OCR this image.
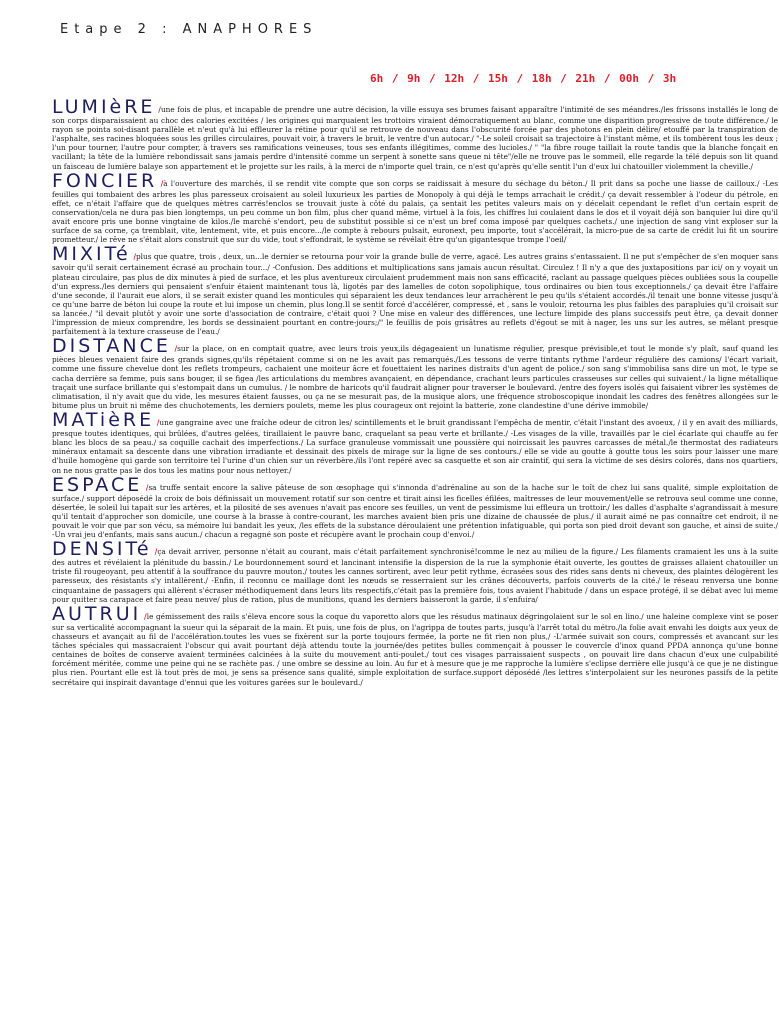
Etape 2 : ANAPHORES
6h / 9h / 12h / 15h / 18h / 21h / 00h / 3h

LUMIèRE /une fois de plus, et incapable de prendre une autre décision, la ville essuya ses brumes faisant apparaître l'intimité de ses méandres./les frissons installés le long de son corps disparaissaient au choc des calories excitées / les origines qui marquaient les trottoirs viraient démocratiquement au blanc, comme une disparition progressive de toute différence./ le rayon se pointa soi-disant parallèle et n'eut qu'à lui effleurer la rétine pour qu'il se retrouve de nouveau dans l'obscurité forcée par des photons en plein délire/ etouffé par la transpiration de l'asphalte, ses racines bloquées sous les grilles circulaires, pouvait voir, à travers le bruit, le ventre d'un autocar./ "-Le soleil croisait sa trajectoire à l'instant même, et ils tombèrent tous les deux ; l'un pour tourner, l'autre pour compter, à travers ses ramifications veineuses, tous ses enfants illégitimes, comme des lucioles./ " "la fibre rouge taillait la route tandis que la blanche fonçait en vacillant; la tête de la lumière rebondissait sans jamais perdre d'intensité comme un serpent à sonette sans queue ni tête"/elle ne trouve pas le sommeil, elle regarde la télé depuis son lit quand un faisceau de lumière balaye son appartement et le projette sur les rails, à la merci de n'importe quel train, ce n'est qu'après qu'elle sentit l'un d'eux lui chatouiller violemment la cheville./

FONCIER /à l'ouverture des marchés, il se rendit vite compte que son corps se raidissait à mesure du séchage du béton./ Il prit dans sa poche une liasse de cailloux./ -Les feuilles qui tombaient des arbres les plus paresseux croisaient au soleil luxurieux les parties de Monopoly à qui déjà le temps arrachait le crédit./ ça devait ressembler à l'odeur du pétrole, en effet, ce n'était l'affaire que de quelques mètres carrés!enclos se trouvait juste à côté du palais, ça sentait les petites valeurs mais on y décelait cependant le reflet d'un certain esprit de conservation/cela ne dura pas bien longtemps, un peu comme un bon film, plus cher quand même, virtuel à la fois, les chiffres lui coulaient dans le dos et il voyait déjà son banquier lui dire qu'il avait encore pris une bonne vingtaine de kilos./le marché s'endort, peu de substitut possible si ce n'est un bref coma imposé par quelques cachets./ une injection de sang vint exploser sur la surface de sa corne, ça tremblait, vite, lentement, vite, et puis encore.../le compte à rebours pulsait, euronext, peu importe, tout s'accélérait, la micro-pue de sa carte de crédit lui fit un sourire prometteur./ le rêve ne s'était alors construit que sur du vide, tout s'effondrait, le système se révélait être qu'un gigantesque trompe l'oeil/

MIXITé /plus que quatre, trois , deux, un...le dernier se retourna pour voir la grande bulle de verre, agacé. Les autres grains s'entassaient. Il ne put s'empêcher de s'en moquer sans savoir qu'il serait certainement écrasé au prochain tour.../ -Confusion. Des additions et multiplications sans jamais aucun résultat. Circulez ! Il n'y a que des juxtapositions par ici/ on y voyait un plateau circulaire, pas plus de dix minutes à pied de surface, et les plus aventureux circulaient prudemment mais non sans efficacité, raclant au passage quelques pièces oubliées sous la coupelle d'un express./les derniers qui pensaient s'enfuir étaient maintenant tous là, ligotés par des lamelles de coton sopoliphique, tous ordinaires ou bien tous exceptionnels./ ça devait être l'affaire d'une seconde, il l'aurait eue alors, il se serait exister quand les monticules qui séparaient les deux tendances leur arrachèrent le peu qu'ils s'étaient accordés./il tenait une bonne vitesse jusqu'à ce qu'une barre de béton lui coupe la route et lui impose un chemin, plus long.Il se sentit forcé d'accélérer, compressé, et , sans le vouloir, retourna les plus faibles des parapluies qu'il croisait sur sa lancée./ "il devait plutôt y avoir une sorte d'association de contraire, c'était quoi ? Une mise en valeur des différences, une lecture limpide des plans successifs peut être, ça devait donner l'impression de mieux comprendre, les bords se dessinaient pourtant en contre-jours;/" le feuillis de pois grisâtres au reflets d'égout se mit à nager, les uns sur les autres, se mêlant presque parfaitement à la texture crasseuse de l'eau./

DISTANCE /sur la place, on en comptait quatre, avec leurs trois yeux,ils dégageaient un lunatisme régulier, presque prévisible,et tout le monde s'y plaît, sauf quand les pièces bleues venaient faire des grands signes,qu'ils répétaient comme si on ne les avait pas remarqués./Les tessons de verre tintants rythme l'ardeur régulière des camions/ l'écart variait, comme une fissure chevelue dont les reflets trompeurs, cachaient une moiteur âcre et fouettaient les narines distraits d'un agent de police./ son sang s'immobilisa sans dire un mot, le type se cacha derrière sa femme, puis sans bouger, il se figea /les articulations du membres avançaient, en dépendance, crachant leurs particules crasseuses sur celles qui suivaient./ la ligne métallique traçait une surface brillante qui s'estompait dans un cumulus. / le nombre de haricots qu'il faudrait aligner pour traverser le boulevard. /entre des foyers isolés qui faisaient vibrer les systèmes de climatisation, il n'y avait que du vide, les mesures étaient fausses, ou ça ne se mesurait pas, de la musique alors, une fréquence stroboscopique inondait les cadres des fenêtres allongées sur le bitume plus un bruit ni même des chuchotements, les derniers poulets, meme les plus courageux ont rejoint la batterie, zone clandestine d'une dérive immobile/

MATièRE /une gangraine avec une fraîche odeur de citron les/ scintillements et le bruit grandissant l'empêcha de mentir, c'était l'instant des avoeux, / il y en avait des milliards, presque toutes identiques, qui brûlées, d'autres gelées, tiraillaient le pauvre banc, craquelant sa peau verte et brillante./ -Les visages de la ville, travaillés par le ciel écarlate qui chauffe au fer blanc les blocs de sa peau./ sa coquille cachait des imperfections./ La surface granuleuse vommissait une poussière qui noircissait les pauvres carcasses de métal./le thermostat des radiateurs minéraux entamait sa descente dans une vibration irradiante et dessinait des pixels de mirage sur la ligne de ses contours./ elle se vide au goutte à goutte tous les soirs pour laisser une mare d'huile homogène qui garde son territoire tel l'urine d'un chien sur un réverbère./ils l'ont repéré avec sa casquette et son air craintif, qui sera la victime de ses désirs colorés, dans nos quartiers, on ne nous gratte pas le dos tous les matins pour nous nettoyer./

ESPACE /sa truffe sentait encore la salive pâteuse de son œsophage qui s'innonda d'adrénaline au son de la hache sur le toît de chez lui sans qualité, simple exploitation de surface./ support déposédé la croix de bois définissait un mouvement rotatif sur son centre et tirait ainsi les ficelles éfilées, maîtresses de leur mouvement/elle se retrouva seul comme une conne, désertée, le soleil lui tapait sur les artères, et la pilosité de ses avenues n'avait pas encore ses feuilles, un vent de pessimisme lui effleura un trottoir./ les dalles d'asphalte s'agrandissait à mesure qu'il tentait d'approcher son domicile, une course à la brasse à contre-courant, les marches avaient bien pris une dizaine de chaussée de plus./ il aurait aimé ne pas connaître cet endroit, il ne pouvait le voir que par son vécu, sa mémoire lui bandait les yeux, /les effets de la substance déroulaient une prétention infatiguable, qui porta son pied droit devant son gauche, et ainsi de suite./ -Un vrai jeu d'enfants, mais sans aucun./ chacun a regagné son poste et récupère avant le prochain coup d'envoi./

DENSITé /ça devait arriver, personne n'était au courant, mais c'était parfaitement synchronisé!comme le nez au milieu de la figure./ Les filaments cramaient les uns à la suite des autres et révélaient la plénitude du bassin./ Le bourdonnement sourd et lancinant intensifie la dispersion de la rue la symphonie était ouverte, les gouttes de graisses allaient chatouiller un triste fil rougeoyant, peu attentif à la souffrance du pauvre mouton./ toutes les cannes sortirent, avec leur petit rythme, écrasées sous des rides sans dents ni cheveux, des plaintes délogèrent les paresseux, des résistants s'y intallèrent./ -Enfin, il reconnu ce maillage dont les nœuds se resserraient sur les crânes découverts, parfois couverts de la cité./ le réseau renversa une bonne cinquantaine de passagers qui allèrent s'écraser méthodiquement dans leurs lits respectifs,c'était pas la première fois, tous avaient l'habitude / dans un espace protégé, il se débat avec lui meme pour quitter sa carapace et faire peau neuve/ plus de ration, plus de munitions, quand les derniers baisseront la garde, il s'enfuira/

AUTRUI /le gémissement des rails s'éleva encore sous la coque du vaporetto alors que les résudus matinaux dégringolaient sur le sol en lino./ une haleine complexe vint se poser sur sa verticalité accompagnant la sueur qui la séparait de la main. Et puis, une fois de plus, on l'agrippa de toutes parts, jusqu'à l'arrêt total du métro./la folie avait envahi les doigts aux yeux de chasseurs et avançait au fil de l'accélération.toutes les vues se fixèrent sur la porte toujours fermée, la porte ne fit rien non plus,/ -L'armée suivait son cours, compressés et avancant sur les tâches spéciales qui massacraient l'obscur qui avait pourtant déjà attendu toute la journée/des petites bulles commençait à pousser le couvercle d'inox quand PPDA annonça qu'une bonne centaines de boîtes de conserve avaient terminées calcinées à la suite du mouvement anti-poulet./ tout ces visages parraissaient suspects , on pouvait lire dans chacun d'eux une culpabilité forcément méritée, comme une peine qui ne se rachète pas. / une ombre se dessine au loin. Au fur et à mesure que je me rapproche la lumière s'eclipse derrière elle jusqu'à ce que je ne distingue plus rien. Pourtant elle est là tout près de moi, je sens sa présence sans qualité, simple exploitation de surface.support déposédé /les lettres s'interpolaient sur les neurones passifs de la petite secrétaire qui inspirait davantage d'ennui que les voitures garées sur le boulevard./
